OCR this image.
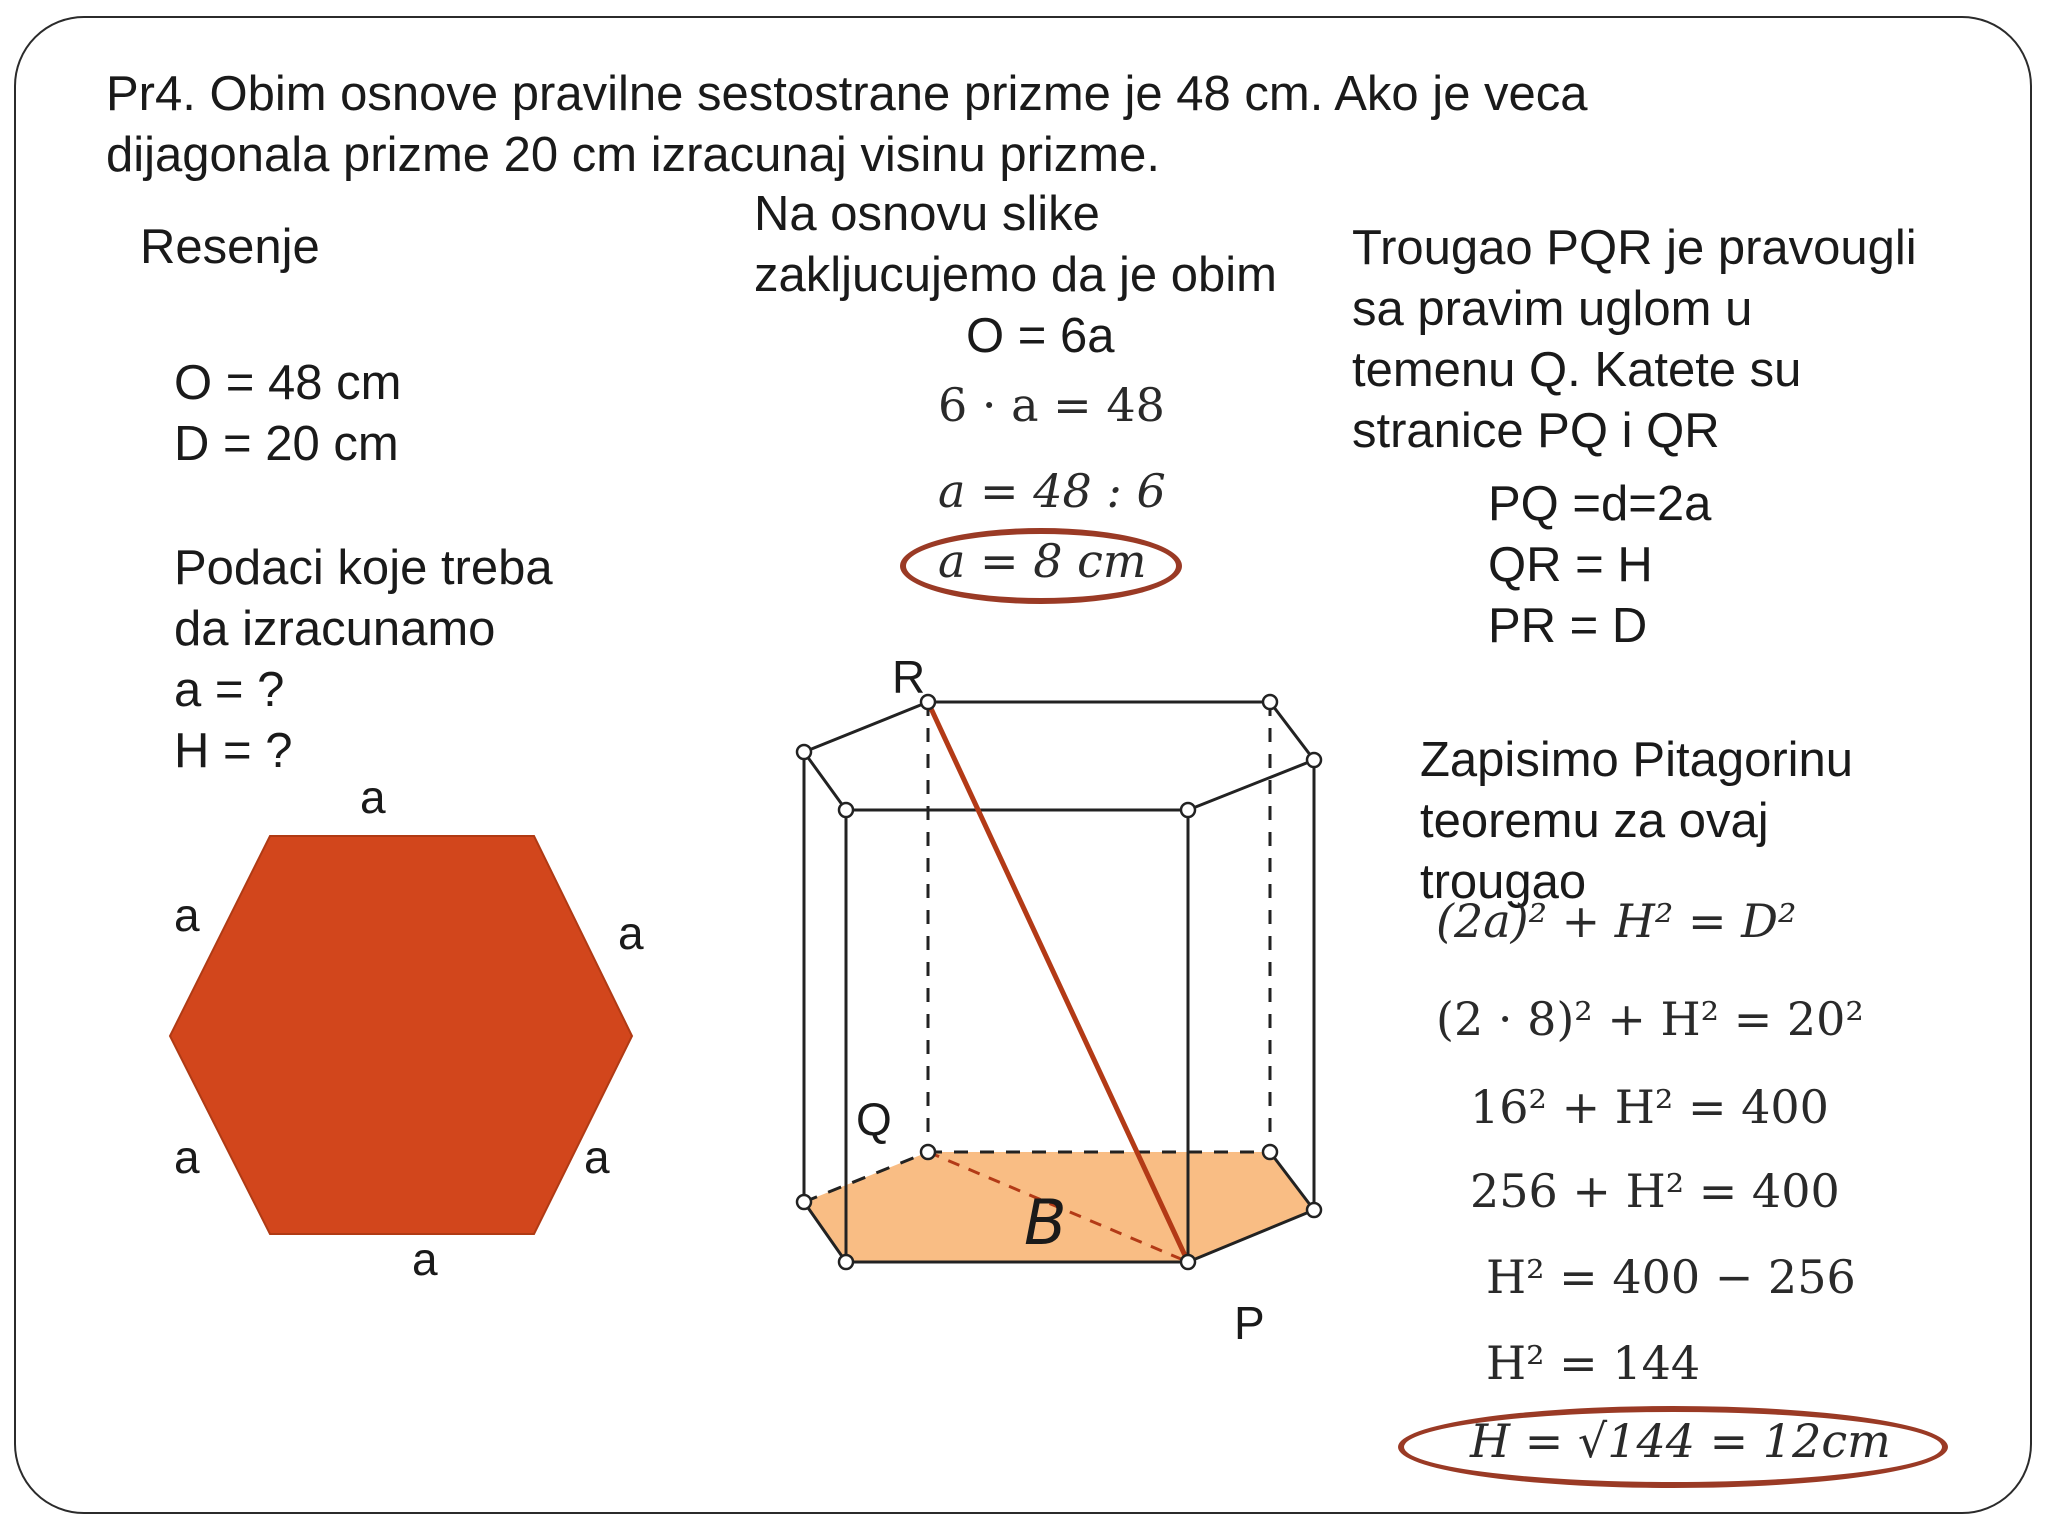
Pr4. Obim osnove pravilne sestostrane prizme je 48 cm. Ako je veca
dijagonala prizme 20 cm izracunaj visinu prizme.
Resenje
O = 48 cm
D = 20 cm
Podaci koje treba
da izracunamo
a = ?
H = ?
a
a	a
a	a
a
R
Q
P
B
Na osnovu slike
zakljucujemo da je obim
O = 6a
6 · a = 48
a = 48 : 6
a = 8 cm
Trougao PQR je pravougli
sa pravim uglom u
temenu Q. Katete su
stranice PQ i QR
PQ =d=2a
QR = H
PR = D
Zapisimo Pitagorinu
teoremu za ovaj
trougao
(2a)² + H² = D²
(2 · 8)² + H² = 20²
16² + H² = 400
256 + H² = 400
H² = 400 − 256
H² = 144
H = √144 = 12cm
